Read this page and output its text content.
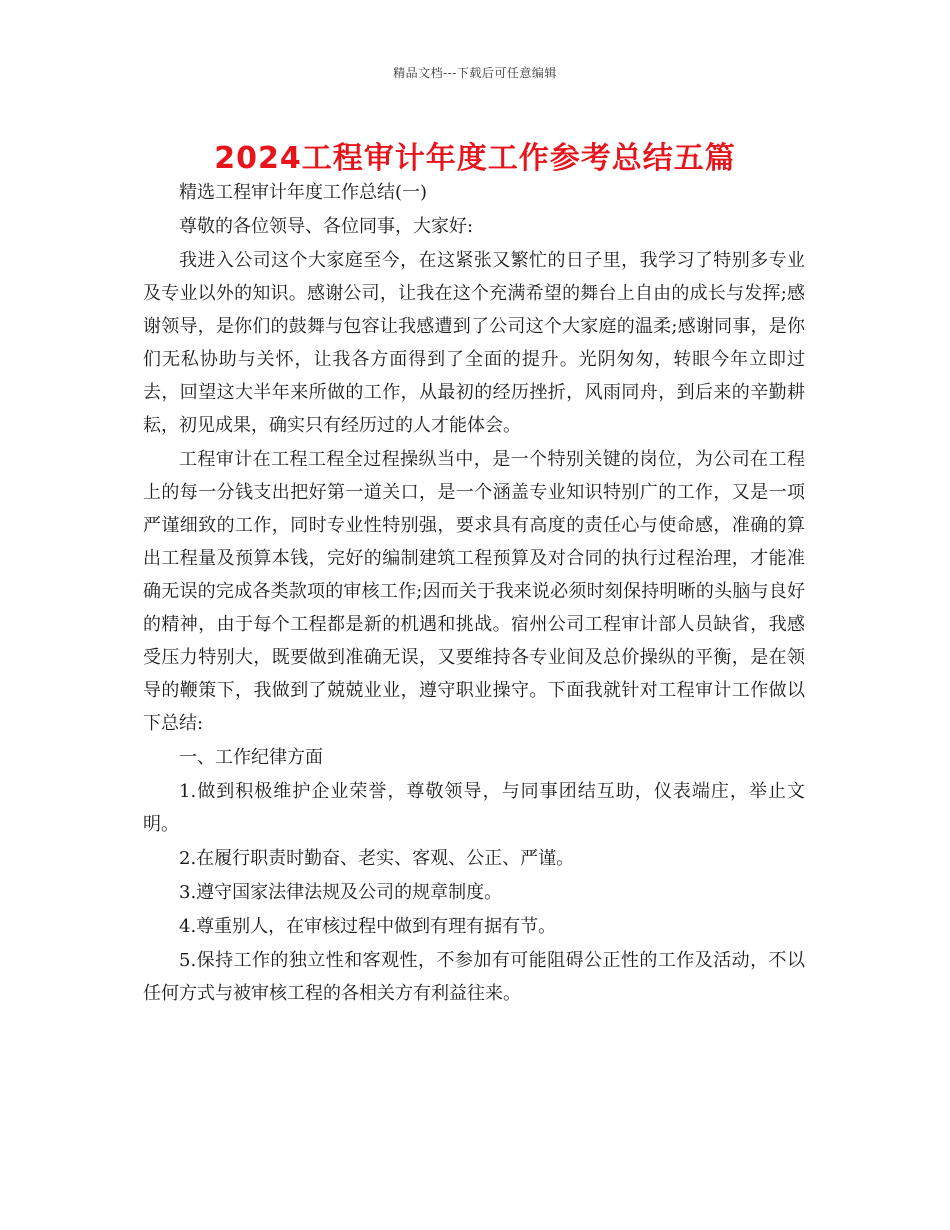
精品文档---下载后可任意编辑
2024工程审计年度工作参考总结五篇

精选工程审计年度工作总结(一)

尊敬的各位领导、各位同事，大家好:

我进入公司这个大家庭至今，在这紧张又繁忙的日子里，我学习了特别多专业及专业以外的知识。感谢公司，让我在这个充满希望的舞台上自由的成长与发挥;感谢领导，是你们的鼓舞与包容让我感遭到了公司这个大家庭的温柔;感谢同事，是你们无私协助与关怀，让我各方面得到了全面的提升。光阴匆匆，转眼今年立即过去，回望这大半年来所做的工作，从最初的经历挫折，风雨同舟，到后来的辛勤耕耘，初见成果，确实只有经历过的人才能体会。

工程审计在工程工程全过程操纵当中，是一个特别关键的岗位，为公司在工程上的每一分钱支出把好第一道关口，是一个涵盖专业知识特别广的工作，又是一项严谨细致的工作，同时专业性特别强，要求具有高度的责任心与使命感，准确的算出工程量及预算本钱，完好的编制建筑工程预算及对合同的执行过程治理，才能准确无误的完成各类款项的审核工作;因而关于我来说必须时刻保持明晰的头脑与良好的精神，由于每个工程都是新的机遇和挑战。宿州公司工程审计部人员缺省，我感受压力特别大，既要做到准确无误，又要维持各专业间及总价操纵的平衡，是在领导的鞭策下，我做到了兢兢业业，遵守职业操守。下面我就针对工程审计工作做以下总结:

一、工作纪律方面

1.做到积极维护企业荣誉，尊敬领导，与同事团结互助，仪表端庄，举止文明。

2.在履行职责时勤奋、老实、客观、公正、严谨。

3.遵守国家法律法规及公司的规章制度。

4.尊重别人，在审核过程中做到有理有据有节。

5.保持工作的独立性和客观性，不参加有可能阻碍公正性的工作及活动，不以任何方式与被审核工程的各相关方有利益往来。
